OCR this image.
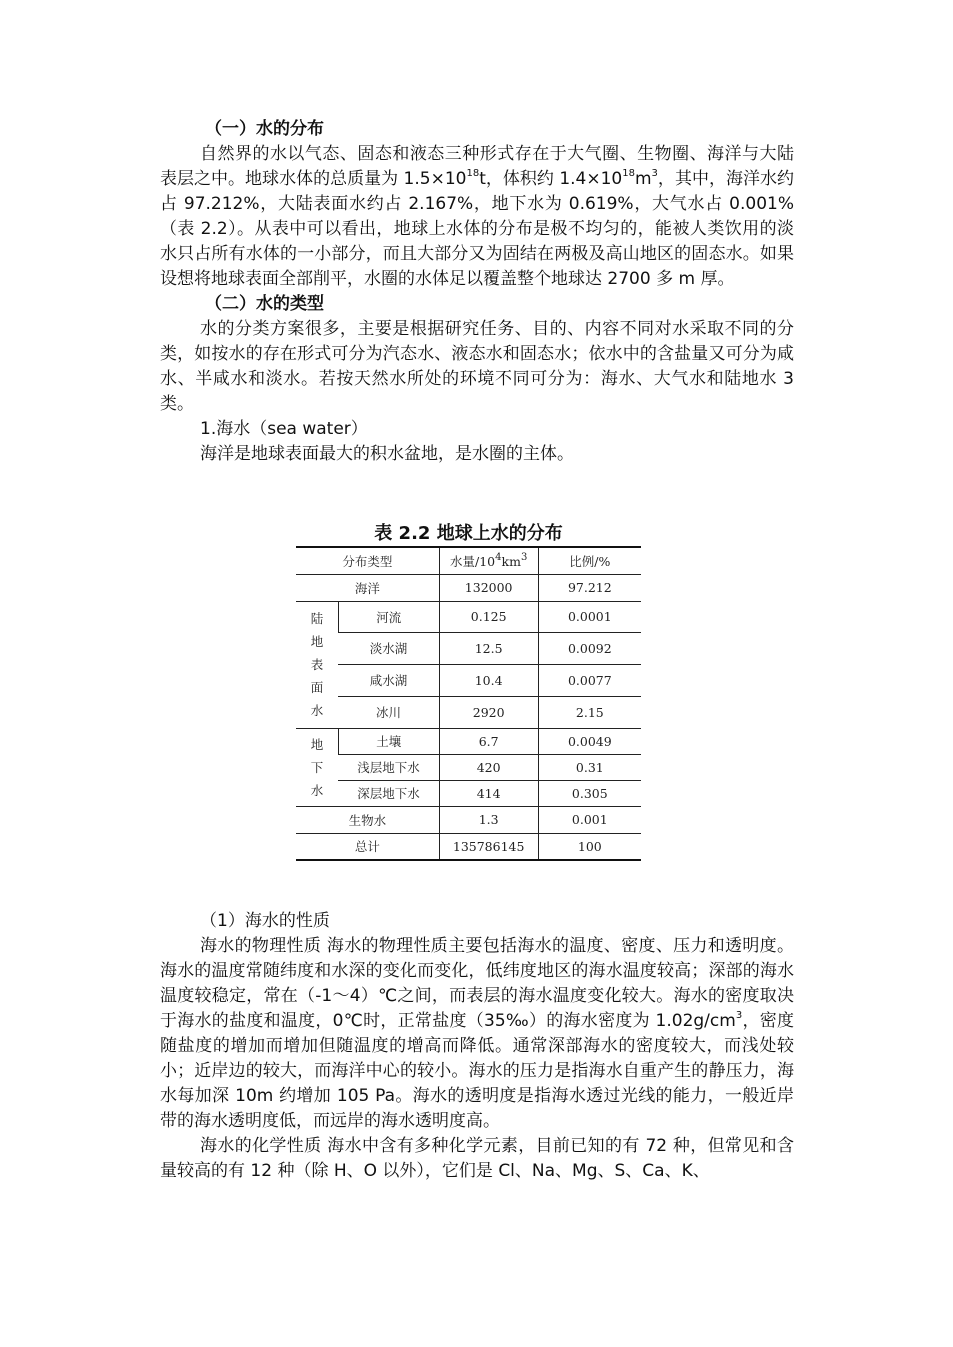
（一）水的分布

自然界的水以气态、固态和液态三种形式存在于大气圈、生物圈、海洋与大陆表层之中。地球水体的总质量为 $1.5\times 10^{18}t$，体积约 $1.4\times 10^{18}m^3$，其中，海洋水约占 97.212%，大陆表面水约占 2.167%，地下水为 0.619%，大气水占 0.001%（表 2.2）。从表中可以看出，地球上水体的分布是极不均匀的，能被人类饮用的淡水只占所有水体的一小部分，而且大部分又为固结在两极及高山地区的固态水。如果设想将地球表面全部削平，水圈的水体足以覆盖整个地球达 2700 多 m 厚。

（二）水的类型

水的分类方案很多，主要是根据研究任务、目的、内容不同对水采取不同的分类，如按水的存在形式可分为汽态水、液态水和固态水；依水中的含盐量又可分为咸水、半咸水和淡水。若按天然水所处的环境不同可分为：海水、大气水和陆地水 3 类。

1.海水（sea water）

海洋是地球表面最大的积水盆地，是水圈的主体。

表 2.2 地球上水的分布
分布类型		水量$/10^4km^3$	比例/%
海洋		132000	97.212

陆
地
表
面
水	河流	0.125	0.0001
	淡水湖	12.5	0.0092
	咸水湖	10.4	0.0077
	冰川	2920	2.15

地
下
水	土壤	6.7	0.0049
	浅层地下水	420	0.31
	深层地下水	414	0.305
生物水		1.3	0.001
总计		135786145	100

（1）海水的性质

海水的物理性质 海水的物理性质主要包括海水的温度、密度、压力和透明度。海水的温度常随纬度和水深的变化而变化，低纬度地区的海水温度较高；深部的海水温度较稳定，常在（-1～4）℃之间，而表层的海水温度变化较大。海水的密度取决于海水的盐度和温度，0℃时，正常盐度（35‰）的海水密度为 $1.02g/cm^3$，密度随盐度的增加而增加但随温度的增高而降低。通常深部海水的密度较大，而浅处较小；近岸边的较大，而海洋中心的较小。海水的压力是指海水自重产生的静压力，海水每加深 10m 约增加 105 Pa。海水的透明度是指海水透过光线的能力，一般近岸带的海水透明度低，而远岸的海水透明度高。

海水的化学性质 海水中含有多种化学元素，目前已知的有 72 种，但常见和含量较高的有 12 种（除 H、O 以外），它们是 Cl、Na、Mg、S、Ca、K、
